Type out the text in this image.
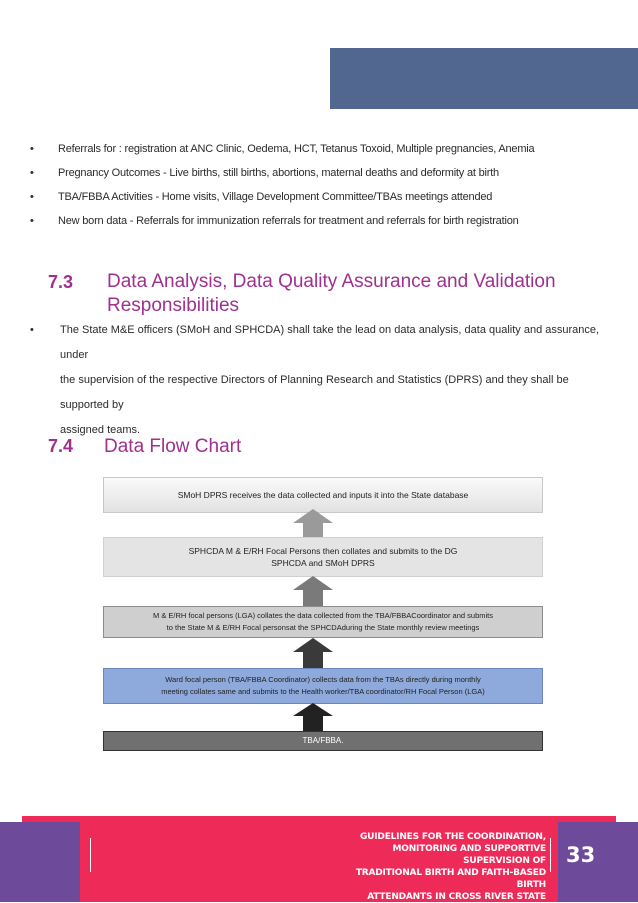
• Referrals for : registration at ANC Clinic, Oedema, HCT, Tetanus Toxoid, Multiple pregnancies, Anemia
• Pregnancy Outcomes - Live births, still births, abortions, maternal deaths and deformity at birth
• TBA/FBBA Activities - Home visits, Village Development Committee/TBAs meetings attended
• New born data - Referrals for immunization referrals for treatment and referrals for birth registration
7.3 Data Analysis, Data Quality Assurance and Validation
Responsibilities
•	The State M&E officers (SMoH and SPHCDA) shall take the lead on data analysis, data quality and assurance, under
the supervision of the respective Directors of Planning Research and Statistics (DPRS) and they shall be supported by
assigned teams.
7.4 Data Flow Chart
SMoH DPRS receives the data collected and inputs it into the State database
SPHCDA M & E/RH Focal Persons then collates and submits to the DG
SPHCDA and SMoH DPRS
M & E/RH focal persons (LGA) collates the data collected from the TBA/FBBACoordinator and submits
to the State M & E/RH Focal personsat the SPHCDAduring the State monthly review meetings
Ward focal person (TBA/FBBA Coordinator) collects data from the TBAs directly during monthly
meeting collates same and submits to the Health worker/TBA coordinator/RH Focal Person (LGA)
TBA/FBBA.
GUIDELINES FOR THE COORDINATION,
MONITORING AND SUPPORTIVE SUPERVISION OF
TRADITIONAL BIRTH AND FAITH-BASED BIRTH
ATTENDANTS IN CROSS RIVER STATE
33
